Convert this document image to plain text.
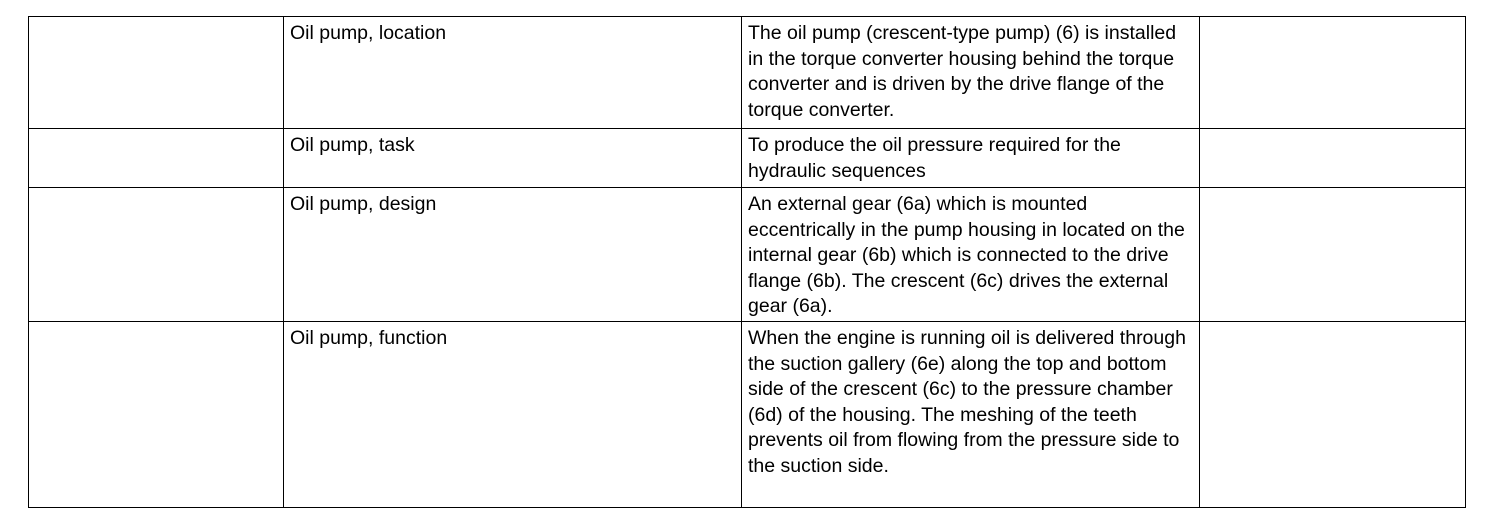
	Oil pump, location	The oil pump (crescent-type pump) (6) is installed in the torque converter housing behind the torque converter and is driven by the drive flange of the torque converter.	
	Oil pump, task	To produce the oil pressure required for the hydraulic sequences	
	Oil pump, design	An external gear (6a) which is mounted eccentrically in the pump housing in located on the internal gear (6b) which is connected to the drive flange (6b). The crescent (6c) drives the external gear (6a).	
	Oil pump, function	When the engine is running oil is delivered through the suction gallery (6e) along the top and bottom side of the crescent (6c) to the pressure chamber (6d) of the housing. The meshing of the teeth prevents oil from flowing from the pressure side to the suction side.	
